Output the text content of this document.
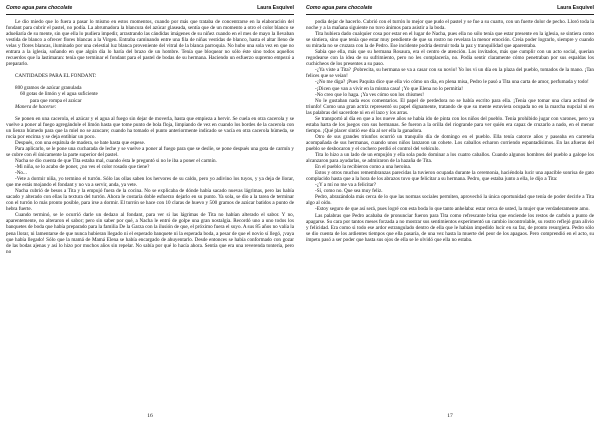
Como agua para chocolate	Laura Esquivel

Le dio miedo que lo fuera a pasar lo mismo en estos momentos, cuando por más que trataba de concentrarse en la elaboración del fondant para cubrir el pastel, no podía. La abrumadora la blancura del azúcar glaseada, sentía que de un momento a otro el color blanco se adueñaría de su mente, sin que ella lo pudiera impedir, arrastrando las cándidas imágenes de su niñez cuando en el mes de mayo la llevaban vestida de blanco a ofrecer flores blancas a la Virgen. Entraba caminando entre una fila de niñas vestidas de blanco, hasta el altar lleno de velas y flores blancas, iluminado por una celestial luz blanca proveniente del vitral de la blanca parroquia. No hubo una sola vez en que no entrara a la iglesia, soñando en que algún día lo haría del brazo de un hombre. Tenía que bloquear no sólo éste sino todos aquellos recuerdos que la lastimaran: tenía que terminar el fondant para el pastel de bodas de su hermana. Haciendo un esfuerzo supremo empezó a prepararlo.

CANTIDADES PARA EL FONDANT:

800 gramos de azúcar granulada

60 gotas de limón y el agua suficiente

para que rompa el azúcar

Manera de hacerse:

Se ponen en una cacerola, el azúcar y el agua al fuego sin dejar de moverla, hasta que empieza a hervir. Se cuela en otra cacerola y se vuelve a poner al fuego agregándole el limón hasta que tome punto de bola floja, limpiando de vez en cuando los bordes de la cacerola con un lienzo húmedo para que la miel no se azucare; cuando ha tomado el punto anteriormente indicado se vacía en otra cacerola húmeda, se rocía por encima y se deja entibiar un poco.

Después, con una espátula de madera, se bate hasta que espese.

Para aplicarlo, se le pone una cucharada de leche y se vuelve a poner al fuego para que se deslíe, se pone después una gota de carmín y se cubre con él únicamente la parte superior del pastel.

Nacha se dio cuenta de que Tita estaba mal, cuando ésta le preguntó si no le iba a poner el carmín.

-Mi niña, se lo acabo de poner, ¿no ves el color rosado que tiene?

-No...

-Vete a dormir niña, yo termino el turrón. Sólo las ollas saben los hervores de su caldo, pero yo adivino los tuyos, y ya deja de llorar, que me estás mojando el fondant y no va a servir, anda, ya vete.

Nacha cubrió de besos a Tita y la empujó fuera de la cocina. No se explicaba de dónde había sacado nuevas lágrimas, pero las había sacado y alterado con ellas la textura del turrón. Ahora le costaría doble esfuerzo dejarlo en su punto. Ya sola, se dio a la tarea de terminar con el turrón lo más pronto posible, para irse a dormir. El turrón se hace con 10 claras de huevo y 500 gramos de azúcar batidos a punto de hebra fuerte.

Cuando terminó, se le ocurrió darle un dedazo al fondant, para ver si las lágrimas de Tita no habían alterado el sabor. Y no, aparentemente, no alteraron el sabor; pero sin saber por qué, a Nacha le entró de golpe una gran nostalgia. Recordó uno a uno todos los banquetes de boda que había preparado para la familia De la Garza con la ilusión de que, el próximo fuera el suyo. A sus 85 años no valía la pena llorar, ni lamentarse de que nunca hubieran llegado ni el esperado banquete ni la esperada boda, a pesar de que el novio sí llegó, ¡vaya que había llegado! Sólo que la mamá de Mamá Elena se había encargado de ahuyentarlo. Desde entonces se había conformado con gozar de las bodas ajenas y así lo hizo por muchos años sin repelar. No sabía por qué lo hacía ahora. Sentía que era una reverenda tontería, pero no

16
Como agua para chocolate	Laura Esquivel

podía dejar de hacerlo. Cubrió con el turrón lo mejor que pudo el pastel y se fue a su cuarto, con un fuerte dolor de pecho. Lloró toda la noche y a la mañana siguiente no tuvo ánimos para asistir a la boda.

Tita hubiera dado cualquier cosa por estar en el lugar de Nacha, pues ella no sólo tenía que estar presente en la iglesia, se sintiera como se sintiera, sino que tenía que estar muy pendiente de que su rostro no revelara la menor emoción. Creía poder lograrlo, siempre y cuando su mirada no se cruzara con la de Pedro. Ese incidente podría destruir toda la paz y tranquilidad que aparentaba.

Sabía que ella, más que su hermana Rosaura, era el centro de atención. Los invitados, más que cumplir con un acto social, querían regodearse con la idea de su sufrimiento, pero no les complacería, no. Podía sentir claramente cómo penetraban por sus espaldas los cuchicheos de los presentes a su paso.

-¿Ya viste a Tita? ¡Pobrecita, su hermana se va a casar con su novio! Yo los vi un día en la plaza del pueblo, tomados de la mano. ¡Tan felices que se veían!

-¿No me diga? ¡Pues Paquita dice que ella vio cómo un día, en plena misa, Pedro le pasó a Tita una carta de amor, perfumada y todo!

-¡Dicen que van a vivir en la misma casa! ¡Yo que Elena no lo permitía!

-No creo que lo haga. ¡Ya ves cómo son los chismes!

No le gustaban nada esos comentarios. El papel de perdedora no se había escrito para ella. ¡Tenía que tomar una clara actitud de triunfo! Como una gran actriz representó su papel dignamente, tratando de que su mente estuviera ocupada no en la marcha nupcial ni en las palabras del sacerdote ni en el lazo y los arras.

Se transportó al día en que a los nueve años se había ido de pinta con los niños del pueblo. Tenía prohibido jugar con varones, pero ya estaba harta de los juegos con sus hermanas. Se fueron a la orilla del riogrande para ver quién era capaz de cruzarlo a nado, en el menor tiempo. ¡Qué placer sintió ese día al ser ella la ganadora.

Otro de sus grandes triunfos ocurrió un tranquilo día de domingo en el pueblo. Ella tenía catorce años y paseaba en carretela acompañada de sus hermanas, cuando unos niños lanzaron un cohete. Los caballos echaron corriendo espantadísimos. En las afueras del pueblo se desbocaron y el cochero perdió el control del vehículo.

Tita lo hizo a un lado de un empujón y ella sola pudo dominar a los cuatro caballos. Cuando algunos hombres del pueblo a galope los alcanzaron para ayudarlas, se admiraron de la hazaña de Tita.

En el pueblo la recibieron como a una heroína.

Estos y otros muchos remembranzas parecidas la tuvieron ocupada durante la ceremonia, haciéndola lucir una apacible sonrisa de gato complacido hasta que a la hora de los abrazos tuvo que felicitar a su hermana. Pedro, que estaba junto a ella, le dijo a Tita:

-¿Y a mí no me va a felicitar?

-Sí, como no. Que sea muy feliz.

Pedro, abrazándola más cerca de lo que las normas sociales permiten, aprovechó la única oportunidad que tenía de poder decirle a Tita algo al oído.

-Estoy seguro de que así será, pues logré con esta boda lo que tanto anhelaba: estar cerca de usted, la mujer que verdaderamente amo.

Las palabras que Pedro acababa de pronunciar fueron para Tita como refrescante brisa que enciende los restos de carbón a punto de apagarse. Su cara por tantos meses forzada a no mostrar sus sentimientos experimentó un cambio incontrolable, su rostro reflejó gran alivio y felicidad. Era como si todo ese ardor estrangulado dentro de ella que le habían impedido lucir en su faz, de pronto resurgiera. Pedro sólo se dio cuenta de los ardientes tiempos que ella pasaría, de una vez hasta la muerte del peor de los apagaos. Pero comprendió en el acto, su ímpetu pasó a ser poder que hasta sus ojos de ella se le olvidó que ella no estaba.

17
